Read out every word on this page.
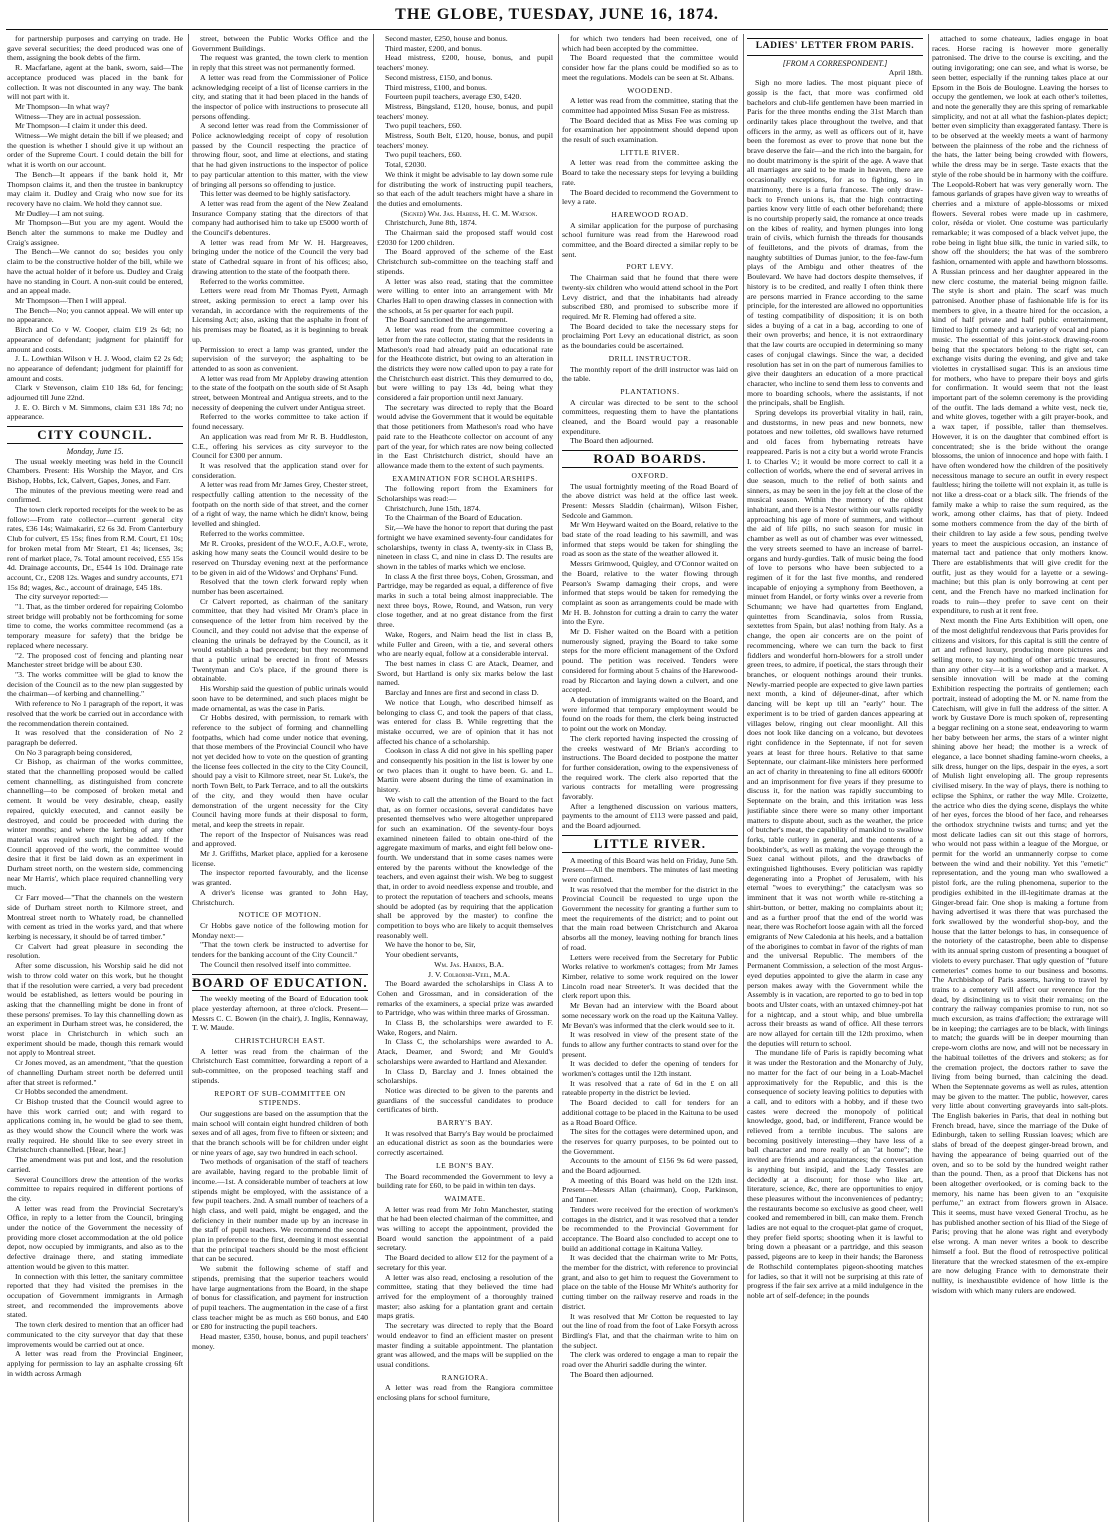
THE GLOBE, TUESDAY, JUNE 16, 1874.

for partnership purposes and carrying on trade. He gave several securities; the deed produced was one of them, assigning the book debts of the firm.

R. Macfarlane, agent at the bank, sworn, said—The acceptance produced was placed in the bank for collection. It was not discounted in any way. The bank will not part with it.

Mr Thompson—In what way?

Witness—They are in actual possession.

Mr Thompson—I claim it under this deed.

Witness—We might detain the bill if we pleased; and the question is whether I should give it up without an order of the Supreme Court. I could detain the bill for what it is worth on our account.

The Bench—It appears if the bank hold it, Mr Thompson claims it, and then the trustee in bankruptcy may claim it. Dudley and Craig who now sue for its recovery have no claim. We hold they cannot sue.

Mr Dudley—I am not suing.

Mr Thompson—But you are my agent. Would the Bench alter the summons to make me Dudley and Craig's assignee.

The Bench—We cannot do so; besides you only claim to be the constructive holder of the bill, while we have the actual holder of it before us. Dudley and Craig have no standing in Court. A non-suit could be entered, and an appeal made.

Mr Thompson—Then I will appeal.

The Bench—No; you cannot appeal. We will enter up no appearance.

Birch and Co v W. Cooper, claim £19 2s 6d; no appearance of defendant; judgment for plaintiff for amount and costs.

J. L. Lowthian Wilson v H. J. Wood, claim £2 2s 6d; no appearance of defendant; judgment for plaintiff for amount and costs.

Clark v Stevenson, claim £10 18s 6d, for fencing; adjourned till June 22nd.

J. E. O. Birch v M. Simmons, claim £31 18s 7d; no appearance.

CITY COUNCIL.

Monday, June 15.

The usual weekly meeting was held in the Council Chambers. Present: His Worship the Mayor, and Crs Bishop, Hobbs, Ick, Calvert, Gapes, Jones, and Farr.

The minutes of the previous meeting were read and confirmed.

The town clerk reported receipts for the week to be as follow:—From rate collector—current general city rates, £36 14s; Waimakariri, £2 6s 3d. From Canterbury Club for culvert, £5 15s; fines from R.M. Court, £1 10s; for broken metal from Mr Steart, £1 4s; licenses, 3s; rent of market place, 7s. Total amount received, £55 15s 4d. Drainage accounts, Dr., £544 1s 10d. Drainage rate account, Cr., £208 12s. Wages and sundry accounts, £71 15s 8d; wages, &c., account of drainage, £45 18s.

The city surveyor reported:—

"1. That, as the timber ordered for repairing Colombo street bridge will probably not be forthcoming for some time to come, the works committee recommend (as a temporary measure for safety) that the bridge be replaced where necessary.

"2. The proposed cost of fencing and planting near Manchester street bridge will be about £30.

"3. The works committee will be glad to know the decision of the Council as to the new plan suggested by the chairman—of kerbing and channelling."

With reference to No 1 paragraph of the report, it was resolved that the work be carried out in accordance with the recommendation therein contained.

It was resolved that the consideration of No 2 paragraph be deferred.

On No 3 paragraph being considered,

Cr Bishop, as chairman of the works committee, stated that the channelling proposed would be called cement channelling, as distinguished from concrete channelling—to be composed of broken metal and cement. It would be very desirable, cheap, easily repaired, quickly executed, and cannot easily be destroyed, and could be proceeded with during the winter months; and where the kerbing of any other material was required such might be added. If the Council approved of the work, the committee would desire that it first be laid down as an experiment in Durham street north, on the western side, commencing near Mr Harris', which place required channelling very much.

Cr Farr moved—"That the channels on the western side of Durham street north to Kilmore street, and Montreal street north to Whately road, be channelled with cement as tried in the works yard, and that where kerbing is necessary, it should be of tarred timber."

Cr Calvert had great pleasure in seconding the resolution.

After some discussion, his Worship said he did not wish to throw cold water on this work, but he thought that if the resolution were carried, a very bad precedent would be established, as letters would be pouring in asking that the channelling might be done in front of these persons' premises. To lay this channelling down as an experiment in Durham street was, he considered, the worst place in Christchurch in which such an experiment should be made, though this remark would not apply to Montreal street.

Cr Jones moved, as an amendment, "that the question of channelling Durham street north be deferred until after that street is reformed."

Cr Hobbs seconded the amendment.

Cr Bishop trusted that the Council would agree to have this work carried out; and with regard to applications coming in, he would be glad to see them, as they would show the Council where the work was really required. He should like to see every street in Christchurch channelled. [Hear, hear.]

The amendment was put and lost, and the resolution carried.

Several Councillors drew the attention of the works committee to repairs required in different portions of the city.

A letter was read from the Provincial Secretary's Office, in reply to a letter from the Council, bringing under the notice of the Government the necessity of providing more closet accommodation at the old police depot, now occupied by immigrants, and also as to the defective drainage there, and stating immediate attention would be given to this matter.

In connection with this letter, the sanitary committee reported that they had visited the premises in the occupation of Government immigrants in Armagh street, and recommended the improvements above stated.

The town clerk desired to mention that an officer had communicated to the city surveyor that day that these improvements would be carried out at once.

A letter was read from the Provincial Engineer, applying for permission to lay an asphalte crossing 6ft in width across Armagh

street, between the Public Works Office and the Government Buildings.

The request was granted, the town clerk to mention in reply that this street was not permanently formed.

A letter was read from the Commissioner of Police acknowledging receipt of a list of license carriers in the city, and stating that it had been placed in the hands of the inspector of police with instructions to prosecute all persons offending.

A second letter was read from the Commissioner of Police acknowledging receipt of copy of resolution passed by the Council respecting the practice of throwing flour, soot, and lime at elections, and stating that he had given instructions to the inspector of police to pay particular attention to this matter, with the view of bringing all persons so offending to justice.

This letter was deemed to be highly satisfactory.

A letter was read from the agent of the New Zealand Insurance Company stating that the directors of that company had authorised him to take up £5000 worth of the Council's debentures.

A letter was read from Mr W. H. Hargreaves, bringing under the notice of the Council the very bad state of Cathedral square in front of his offices; also, drawing attention to the state of the footpath there.

Referred to the works committee.

Letters were read from Mr Thomas Pyett, Armagh street, asking permission to erect a lamp over his verandah, in accordance with the requirements of the Licensing Act; also, asking that the asphalte in front of his premises may be floated, as it is beginning to break up.

Permission to erect a lamp was granted, under the supervision of the surveyor; the asphalting to be attended to as soon as convenient.

A letter was read from Mr Appleby drawing attention to the state of the footpath on the south side of St Asaph street, between Montreal and Antigua streets, and to the necessity of deepening the culvert under Antigua street.

Referred to the works committee to take action if found necessary.

An application was read from Mr R. B. Huddleston, C.E., offering his services as city surveyor to the Council for £300 per annum.

It was resolved that the application stand over for consideration.

A letter was read from Mr James Grey, Chester street, respectfully calling attention to the necessity of the footpath on the north side of that street, and the corner of a right of way, the name which he didn't know, being levelled and shingled.

Referred to the works committee.

Mr R. Crooks, president of the W.O.F., A.O.F., wrote, asking how many seats the Council would desire to be reserved on Thursday evening next at the performance to be given in aid of the Widows' and Orphans' Fund.

Resolved that the town clerk forward reply when number has been ascertained.

Cr Calvert reported, as chairman of the sanitary committee, that they had visited Mr Oram's place in consequence of the letter from him received by the Council, and they could not advise that the expense of cleaning the urinals be defrayed by the Council, as it would establish a bad precedent; but they recommend that a public urinal be erected in front of Messrs Twentyman and Co's place, if the ground there is obtainable.

His Worship said the question of public urinals would soon have to be determined, and such places might be made ornamental, as was the case in Paris.

Cr Hobbs desired, with permission, to remark with reference to the subject of forming and channelling footpaths, which had come under notice that evening, that those members of the Provincial Council who have not yet decided how to vote on the question of granting the license fees collected in the city to the City Council, should pay a visit to Kilmore street, near St. Luke's, the north Town Belt, to Park Terrace, and to all the outskirts of the city, and they would then have ocular demonstration of the urgent necessity for the City Council having more funds at their disposal to form, metal, and keep the streets in repair.

The report of the Inspector of Nuisances was read and approved.

Mr J. Griffiths, Market place, applied for a kerosene license.

The inspector reported favourably, and the license was granted.

A driver's license was granted to John Hay, Christchurch.

NOTICE OF MOTION.

Cr Hobbs gave notice of the following motion for Monday next:—

"That the town clerk be instructed to advertise for tenders for the banking account of the City Council."

The Council then resolved itself into committee.

BOARD OF EDUCATION.

The weekly meeting of the Board of Education took place yesterday afternoon, at three o'clock. Present—Messrs C. C. Bowen (in the chair), J. Inglis, Kennaway, T. W. Maude.

CHRISTCHURCH EAST.

A letter was read from the chairman of the Christchurch East committee, forwarding a report of a sub-committee, on the proposed teaching staff and stipends.

REPORT OF SUB-COMMITTEE ON STIPENDS.

Our suggestions are based on the assumption that the main school will contain eight hundred children of both sexes and of all ages, from five to fifteen or sixteen; and that the branch schools will be for children under eight or nine years of age, say two hundred in each school.

Two methods of organisation of the staff of teachers are available, having regard to the probable limit of income.—1st. A considerable number of teachers at low stipends might be employed, with the assistance of a few pupil teachers. 2nd. A small number of teachers of a high class, and well paid, might be engaged, and the deficiency in their number made up by an increase in the staff of pupil teachers. We recommend the second plan in preference to the first, deeming it most essential that the principal teachers should be the most efficient that can be secured.

We submit the following scheme of staff and stipends, premising that the superior teachers would have large augmentations from the Board, in the shape of bonus for classification, and payment for instruction of pupil teachers. The augmentation in the case of a first class teacher might be as much as £60 bonus, and £40 or £80 for instructing the pupil teachers.

Head master, £350, house, bonus, and pupil teachers' money.

Second master, £250, house and bonus.

Third master, £200, and bonus.

Head mistress, £200, house, bonus, and pupil teachers' money.

Second mistress, £150, and bonus.

Third mistress, £100, and bonus.

Fourteen pupil teachers, average £30, £420.

Mistress, Bingsland, £120, house, bonus, and pupil teachers' money.

Two pupil teachers, £60.

Mistress, South Belt, £120, house, bonus, and pupil teachers' money.

Two pupil teachers, £60.

Total, £2030.

We think it might be advisable to lay down some rule for distributing the work of instructing pupil teachers, so that each of the adult teachers might have a share in the duties and emoluments.

(Signed) Wm. Jas. Habens, H. C. M. Watson.

Christchurch, June 8th, 1874.

The Chairman said the proposed staff would cost £2030 for 1200 children.

The Board approved of the scheme of the East Christchurch sub-committee on the teaching staff and stipends.

A letter was also read, stating that the committee were willing to enter into an arrangement with Mr Charles Hall to open drawing classes in connection with the schools, at 5s per quarter for each pupil.

The Board sanctioned the arrangement.

A letter was read from the committee covering a letter from the rate collector, stating that the residents in Matheson's road had already paid an educational rate for the Heathcote district, but owing to an alteration in the districts they were now called upon to pay a rate for the Christchurch east district. This they demurred to do, but were willing to pay 13s 4d, being what they considered a fair proportion until next January.

The secretary was directed to reply that the Board would advise the Government that it would be equitable that those petitioners from Matheson's road who have paid rate to the Heathcote collector on account of any part of the year, for which rates are now being collected in the East Christchurch district, should have an allowance made them to the extent of such payments.

EXAMINATION FOR SCHOLARSHIPS.

The following report from the Examiners for Scholarships was read:—

Christchurch, June 15th, 1874.

To the Chairman of the Board of Education.

Sir,—We have the honor to report that during the past fortnight we have examined seventy-four candidates for scholarships, twenty in class A, twenty-six in Class B, nineteen in class C, and nine in class D. The results are shown in the tables of marks which we enclose.

In class A the first three boys, Cohen, Grossman, and Partridge, may be regarded as equal, a difference of five marks in such a total being almost inappreciable. The next three boys, Rowe, Round, and Watson, run very close together, and at no great distance from the first three.

Wake, Rogers, and Nairn head the list in class B, while Fuller and Green, with a tie, and several others who are nearly equal, follow at a considerable interval.

The best names in class C are Atack, Deamer, and Sword, but Hartland is only six marks below the last named.

Barclay and Innes are first and second in class D.

We notice that Lough, who described himself as belonging to class C, and took the papers of that class, was entered for class B. While regretting that the mistake occurred, we are of opinion that it has not affected his chance of a scholarship.

Cookson in class A did not give in his spelling paper and consequently his position in the list is lower by one or two places than it ought to have been. G. and L. Martin were absent during the time of examination in history.

We wish to call the attention of the Board to the fact that, as on former occasions, several candidates have presented themselves who were altogether unprepared for such an examination. Of the seventy-four boys examined nineteen failed to obtain one-third of the aggregate maximum of marks, and eight fell below one-fourth. We understand that in some cases names were entered by the parents without the knowledge of the teachers, and even against their wish. We beg to suggest that, in order to avoid needless expense and trouble, and to protect the reputation of teachers and schools, means should be adopted (as by requiring that the application shall be approved by the master) to confine the competition to boys who are likely to acquit themselves reasonably well.

We have the honor to be, Sir,

Your obedient servants,

Wm. Jas. Habens, B.A.

J. V. Colborne-Veel, M.A.

The Board awarded the scholarships in Class A to Cohen and Grossman, and in consideration of the remarks of the examiners, a special prize was awarded to Partridge, who was within three marks of Grossman.

In Class B, the scholarships were awarded to F. Wake, Rogers, and Nairn.

In Class C, the scholarships were awarded to A. Atack, Deamer, and Sword; and Mr Gould's scholarships were awarded to Hartland and Alexander.

In Class D, Barclay and J. Innes obtained the scholarships.

Notice was directed to be given to the parents and guardians of the successful candidates to produce certificates of birth.

BARRY'S BAY.

It was resolved that Barry's Bay would be proclaimed an educational district as soon as the boundaries were correctly ascertained.

LE BON'S BAY.

The Board recommended the Government to levy a building rate for £60, to be paid in within ten days.

WAIMATE.

A letter was read from Mr John Manchester, stating that he had been elected chairman of the committee, and was willing to accept the appointment, provided the Board would sanction the appointment of a paid secretary.

The Board decided to allow £12 for the payment of a secretary for this year.

A letter was also read, enclosing a resolution of the committee, stating that they believed the time had arrived for the employment of a thoroughly trained master; also asking for a plantation grant and certain maps gratis.

The secretary was directed to reply that the Board would endeavor to find an efficient master on present master finding a suitable appointment. The plantation grant was allowed, and the maps will be supplied on the usual conditions.

RANGIORA.

A letter was read from the Rangiora committee enclosing plans for school furniture,

for which two tenders had been received, one of which had been accepted by the committee.

The Board requested that the committee would consider how far the plans could be modified so as to meet the regulations. Models can be seen at St. Albans.

WOODEND.

A letter was read from the committee, stating that the committee had appointed Miss Susan Fee as mistress.

The Board decided that as Miss Fee was coming up for examination her appointment should depend upon the result of such examination.

LITTLE RIVER.

A letter was read from the committee asking the Board to take the necessary steps for levying a building rate.

The Board decided to recommend the Government to levy a rate.

HAREWOOD ROAD.

A similar application for the purpose of purchasing school furniture was read from the Harewood road committee, and the Board directed a similar reply to be sent.

PORT LEVY.

The Chairman said that he found that there were twenty-six children who would attend school in the Port Levy district, and that the inhabitants had already subscribed £80, and promised to subscribe more if required. Mr R. Fleming had offered a site.

The Board decided to take the necessary steps for proclaiming Port Levy an educational district, as soon as the boundaries could be ascertained.

DRILL INSTRUCTOR.

The monthly report of the drill instructor was laid on the table.

PLANTATIONS.

A circular was directed to be sent to the school committees, requesting them to have the plantations cleaned, and the Board would pay a reasonable expenditure.

The Board then adjourned.

ROAD BOARDS.
OXFORD.

The usual fortnightly meeting of the Road Board of the above district was held at the office last week. Present: Messrs Sladdin (chairman), Wilson Fisher, Sedcole and Gammon.

Mr Wm Heyward waited on the Board, relative to the bad state of the road leading to his sawmill, and was informed that steps would be taken for shingling the road as soon as the state of the weather allowed it.

Messrs Grimwood, Quigley, and O'Connor waited on the Board, relative to the water flowing through Pearson's Swamp damaging their crops, and were informed that steps would be taken for remedying the complaint as soon as arrangements could be made with Mr H. B. Johnston for cutting a drain to carry the water into the Eyre.

Mr D. Fisher waited on the Board with a petition numerously signed, praying the Board to take some steps for the more efficient management of the Oxford pound. The petition was received. Tenders were considered for forming about 5 chains of the Harewood-road by Riccarton and laying down a culvert, and one accepted.

A deputation of immigrants waited on the Board, and were informed that temporary employment would be found on the roads for them, the clerk being instructed to point out the work on Monday.

The clerk reported having inspected the crossing of the creeks westward of Mr Brian's according to instructions. The Board decided to postpone the matter for further consideration, owing to the expensiveness of the required work. The clerk also reported that the various contracts for metalling were progressing favorably.

After a lengthened discussion on various matters, payments to the amount of £113 were passed and paid, and the Board adjourned.

LITTLE RIVER.

A meeting of this Board was held on Friday, June 5th. Present—All the members. The minutes of last meeting were confirmed.

It was resolved that the member for the district in the Provincial Council be requested to urge upon the Government the necessity for granting a further sum to meet the requirements of the district; and to point out that the main road between Christchurch and Akaroa absorbs all the money, leaving nothing for branch lines of road.

Letters were received from the Secretary for Public Works relative to workmen's cottages; from Mr James Kimber, relative to some work required on the lower Lincoln road near Streeter's. It was decided that the clerk report upon this.

Mr Bevan had an interview with the Board about some necessary work on the road up the Kaituna Valley. Mr Bevan's was informed that the clerk would see to it.

It was resolved in view of the present state of the funds to allow any further contracts to stand over for the present.

It was decided to defer the opening of tenders for workmen's cottages until the 12th instant.

It was resolved that a rate of 6d in the £ on all rateable property in the district be levied.

The Board decided to call for tenders for an additional cottage to be placed in the Kaituna to be used as a Road Board Office.

The sites for the cottages were determined upon, and the reserves for quarry purposes, to be pointed out to the Government.

Accounts to the amount of £156 9s 6d were passed, and the Board adjourned.

A meeting of this Board was held on the 12th inst. Present—Messrs Allan (chairman), Coop, Parkinson, and Tanner.

Tenders were received for the erection of workmen's cottages in the district, and it was resolved that a tender be recommended to the Provincial Government for acceptance. The Board also concluded to accept one to build an additional cottage in Kaituna Valley.

It was decided that the chairman write to Mr Potts, the member for the district, with reference to provincial grant, and also to get him to request the Government to place on the table of the House Mr White's authority for cutting timber on the railway reserve and roads in the district.

It was resolved that Mr Cotton be requested to lay out the line of road from the foot of Lake Forsyth across Birdling's Flat, and that the chairman write to him on the subject.

The clerk was ordered to engage a man to repair the road over the Ahuriri saddle during the winter.

The Board then adjourned.

LADIES' LETTER FROM PARIS.

[FROM A CORRESPONDENT.]

April 18th.

Sigh no more ladies. The most piquant piece of gossip is the fact, that more was confirmed old bachelors and club-life gentlemen have been married in Paris for the three months ending the 31st March than ordinarily takes place throughout the twelve, and that officers in the army, as well as officers out of it, have been the foremost as ever to prove that none but the brave deserve the fair—and the rich into the bargain, for no doubt matrimony is the spirit of the age. A wave that all marriages are said to be made in heaven, there are occasionally exceptions, for as to fighting, so in matrimony, there is a furia francese. The only draw-back to French unions is, that the high contracting parties know very little of each other beforehand; there is no courtship properly said, the romance at once treads on the kibes of reality, and hymen plunges into long train of civils, which furnish the threads for thousands of feuilletons, and the pivots of dramas, from the naughty subtilties of Dumas junior, to the fee-faw-fum plays of the Ambigu and other theatres of the Boulevard. We have had doctors despite themselves, if history is to be credited, and really I often think there are persons married in France according to the same principle, for the interested are allowed no opportunities of testing compatibility of disposition; it is on both sides a buying of a cat in a bag, according to one of their own proverbs; and hence, it is not extraordinary that the law courts are occupied in determining so many cases of conjugal clawings. Since the war, a decided resolution has set in on the part of numerous families to give their daughters an education of a more practical character, who incline to send them less to convents and more to boarding schools, where the assistants, if not the principals, shall be English.

Spring develops its proverbial vitality in hail, rain, and duststorms, in new peas and new bonnets, new potatoes and new toilettes, old swallows have returned and old faces from hybernating retreats have reappeared. Paris is not a city but a world wrote Francis I. to Charles V.; it would be more correct to call it a collection of worlds, where the end of several arrives in due season, much to the relief of both saints and sinners, as may be seen in the joy felt at the close of the musical season. Within the memory of the oldest inhabitant, and there is a Nestor within our walls rapidly approaching his age of more of summers, and without the aid of life pills, no such season for music in chamber as well as out of chamber was ever witnessed, the very streets seemed to have an increase of barrel-organs and hurdy-gurdies. Talk of music being the food of love to persons who have been subjected to a regimen of it for the last five months, and rendered incapable of enjoying a symphony from Beethoven, a minuet from Handel, or forty winks over a reverie from Schumann; we have had quartettes from England, quintettes from Scandinavia, solos from Russia, sextettes from Spain, but alas! nothing from Italy. As a change, the open air concerts are on the point of recommencing, where we can turn the back to first fiddlers and wonderful horn-blowers for a stroll under green trees, to admire, if poetical, the stars through their branches, or eloquent nothings around their trunks. Newly-married people are expected to give lawn parties next month, a kind of déjeuner-dinat, after which dancing will be kept up till an "early" hour. The experiment is to be tried of garden dances appearing at villages below, ringing out clear moonlight. All this does not look like dancing on a volcano, but devotees right confidence in the Septennate, if not for seven years at least for three hours. Relative to that same Septennate, our claimant-like ministers here performed an act of charity in threatening to fine all editors 6000fr and an imprisonment for five years if they presume to discuss it, for the nation was rapidly succumbing to Septennate on the brain, and this irritation was less justifiable since there were so many other important matters to dispute about, such as the weather, the price of butcher's meat, the capability of mankind to swallow forks, table cutlery in general, and the contents of a bookbinder's, as well as making the voyage through the Suez canal without pilots, and the drawbacks of extinguished lighthouses. Every politician was rapidly degenerating into a Prophet of Jerusalem, with his eternal "woes to everything;" the cataclysm was so imminent that it was not worth while re-stitching a shirt-button, or better, making no complaints about it; and as a further proof that the end of the world was near, there was Rochefort loose again with all the forced emigrants of New Caledonia at his heels, and a battalion of the aborigines to combat in favor of the rights of man and the universal Republic. The members of the Permanent Commission, a selection of the most Argus-eyed deputies appointed to give the alarm in case any person makes away with the Government while the Assembly is in vacation, are reported to go to bed in top boots and Ulster coats, with an untaxed chimney-pot hat for a nightcap, and a stout whip, and blue umbrella across their breasts as wand of office. All these terrors are now allayed for certain till the 12th proximo, when the deputies will return to school.

The mundane life of Paris is rapidly becoming what it was under the Restoration and the Monarchy of July, no matter for the fact of our being in a Loab-Machel approximatively for the Republic, and this is the consequence of society leaving politics to deputies with a call, and to editors with a hobby, and if these two castes were decreed the monopoly of political knowledge, good, bad, or indifferent, France would be relieved from a terrible incubus. The salons are becoming positively interesting—they have less of a ball character and more really of an "at home"; the invited are friends and acquaintances; the conversation is anything but insipid, and the Lady Tessles are decidedly at a discount; for those who like art, literature, science, &c, there are opportunities to enjoy these pleasures without the inconveniences of pedantry; the restaurants become so exclusive as good cheer, well cooked and remembered in bill, can make them. French ladies are not equal to the croquet-plat game of croquet, they prefer field sports; shooting when it is lawful to bring down a pheasant or a partridge, and this season passed, pigeons are to keep in their hands; the Baroness de Rothschild contemplates pigeon-shooting matches for ladies, so that it will not be surprising at this rate of progress if the fair sex arrive at a mild indulgence in the noble art of self-defence; in the pounds

attached to some chateaux, ladies engage in boat races. Horse racing is however more generally patronised. The drive to the course is exciting, and the outing invigorating; one can see, and what is worse, be seen better, especially if the running takes place at our Epsom in the Bois de Boulogne. Leaving the horses to occupy the gentlemen, we look at each other's toilettes, and note the generally they are this spring of remarkable simplicity, and not at all what the fashion-plates depict; better even simplicity than exaggerated fantasy. There is to be observed at the weekly meets a want of harmony between the plainness of the robe and the richness of the hats, the latter being being crowded with flowers, while the dress may be in serge. Taste exacts that the style of the robe should be in harmony with the coiffure. The Leopold-Robert hat was very generally worn. The famous garlands of grapes have given way to wreaths of cherries and a mixture of apple-blossoms or mixed flowers. Several robes were made up in cashmere, color, réséda or violet. One costume was particularly remarkable; it was composed of a black velvet jupe, the robe being in light blue silk, the tunic in varied silk, to show off the shoulders; the hat was of the sombrero fashion, ornamented with apple and hawthorn blossoms. A Russian princess and her daughter appeared in the new clerc costume, the material being mignon faille. The style is short and plain. The scarf was much patronised. Another phase of fashionable life is for its members to give, in a theatre hired for the occasion, a kind of half private and half public entertainment, limited to light comedy and a variety of vocal and piano music. The essential of this joint-stock drawing-room being that the spectators belong to the right set, can exchange visits during the evening, and give and take violettes in crystallised sugar. This is an anxious time for mothers, who have to prepare their boys and girls for confirmation. It would seem that not the least important part of the solemn ceremony is the providing of the outfit. The lads demand a white vest, neck tie, and white gloves, together with a gilt prayer-book, and a wax taper, if possible, taller than themselves. However, it is on the daughter that combined effort is concentrated; she is the bride without the orange blossoms, the union of innocence and hope with faith. I have often wondered how the children of the positively necessitous manage to secure an outfit in every respect faultless; hiring the toilette will not explain it, as tulle is not like a dress-coat or a black silk. The friends of the family make a whip to raise the sum required, as the work, among other claims, has that of piety. Indeed some mothers commence from the day of the birth of their children to lay aside a few sous, pending twelve years to meet the auspicious occasion, an instance of maternal tact and patience that only mothers know. There are establishments that will give credit for the outfit, just as they would for a layette or a sewing-machine; but this plan is only borrowing at cent per cent, and the French have no marked inclination for roads to ruin—they prefer to save cent on their expenditure, to rush at it rent free.

Next month the Fine Arts Exhibition will open, one of the most delightful rendezvous that Paris provides for citizens and visitors, for this capital is still the centre of art and refined luxury, producing more pictures and selling more, to say nothing of other artistic treasures, than any other city—it is a workshop and a market. A sensible innovation will be made at the coming Exhibition respecting the portraits of gentlemen; each portrait, instead of adopting the M. or N. name from the Catechism, will give in full the address of the sitter. A work by Gustave Dore is much spoken of, representing a beggar reclining on a stone seat, endeavoring to warm her baby between her arms, the stars of a winter night shining above her head; the mother is a wreck of elegance, a lace bonnet shading famine-worn cheeks, a silk dress, hunger on the lips, despair in the eyes, a sort of Mulish light enveloping all. The group represents civilised misery. In the way of plays, there is nothing to eclipse the Sphinx, or rather the way Mlle. Croizette, the actrice who dies the dying scene, displays the white of her eyes, forces the blood of her face, and rehearses the orthodox strychnine twists and turns; and yet the most delicate ladies can sit out this stage of horrors, who would not pass within a league of the Morgue, or permit for the world an unmannerly corpse to come between the wind and their nobility. Yet this "emetic" representation, and the young man who swallowed a pistol fork, are the ruling phenomena, superior to the prodigies exhibited in the ill-legitimate dramas at the Ginger-bread fair. One shop is making a fortune from having advertised it was there that was purchased the fork swallowed by the wonderful shop-boy, and the house that the latter belongs to has, in consequence of the notoriety of the catastrophe, been able to dispense with its annual spring custom of presenting a bouquet of violets to every purchaser. That ugly question of "future cemeteries" comes home to our business and bosoms. The Archbishop of Paris asserts, having to travel by trains to a cemetery will affect our reverence for the dead, by disinclining us to visit their remains; on the contrary the railway companies promise to run, not so much excursion, as trains d'affection; the extrarage will be in keeping; the carriages are to be black, with linings to match; the guards will be in deeper mourning than crepe-worn cloths are now, and will not be necessary in the habitual toilettes of the drivers and stokers; as for the cremation project, the doctors rather to save the living from being burned, than calcining the dead. When the Septennate governs as well as rules, attention may be given to the matter. The public, however, cares very little about converting graveyards into salt-plots. The English bakeries in Paris, that deal in nothing but French bread, have, since the marriage of the Duke of Edinburgh, taken to selling Russian loaves; which are slabs of bread of the deepest ginger-bread brown, and having the appearance of being quarried out of the oven, and so to be sold by the hundred weight rather than the pound. Then, as a proof that Dickens has not been altogether overlooked, or is coming back to the memory, his name has been given to an "exquisite perfume," an extract from flowers grown in Alsace. This it seems, must have vexed General Trochu, as he has published another section of his Iliad of the Siege of Paris; proving that he alone was right and everybody else wrong. A man never writes a book to describe himself a fool. But the flood of retrospective political literature that the wrecked statesmen of the ex-empire are now deluging France with to demonstrate their nullity, is inexhaustible evidence of how little is the wisdom with which many rulers are endowed.
